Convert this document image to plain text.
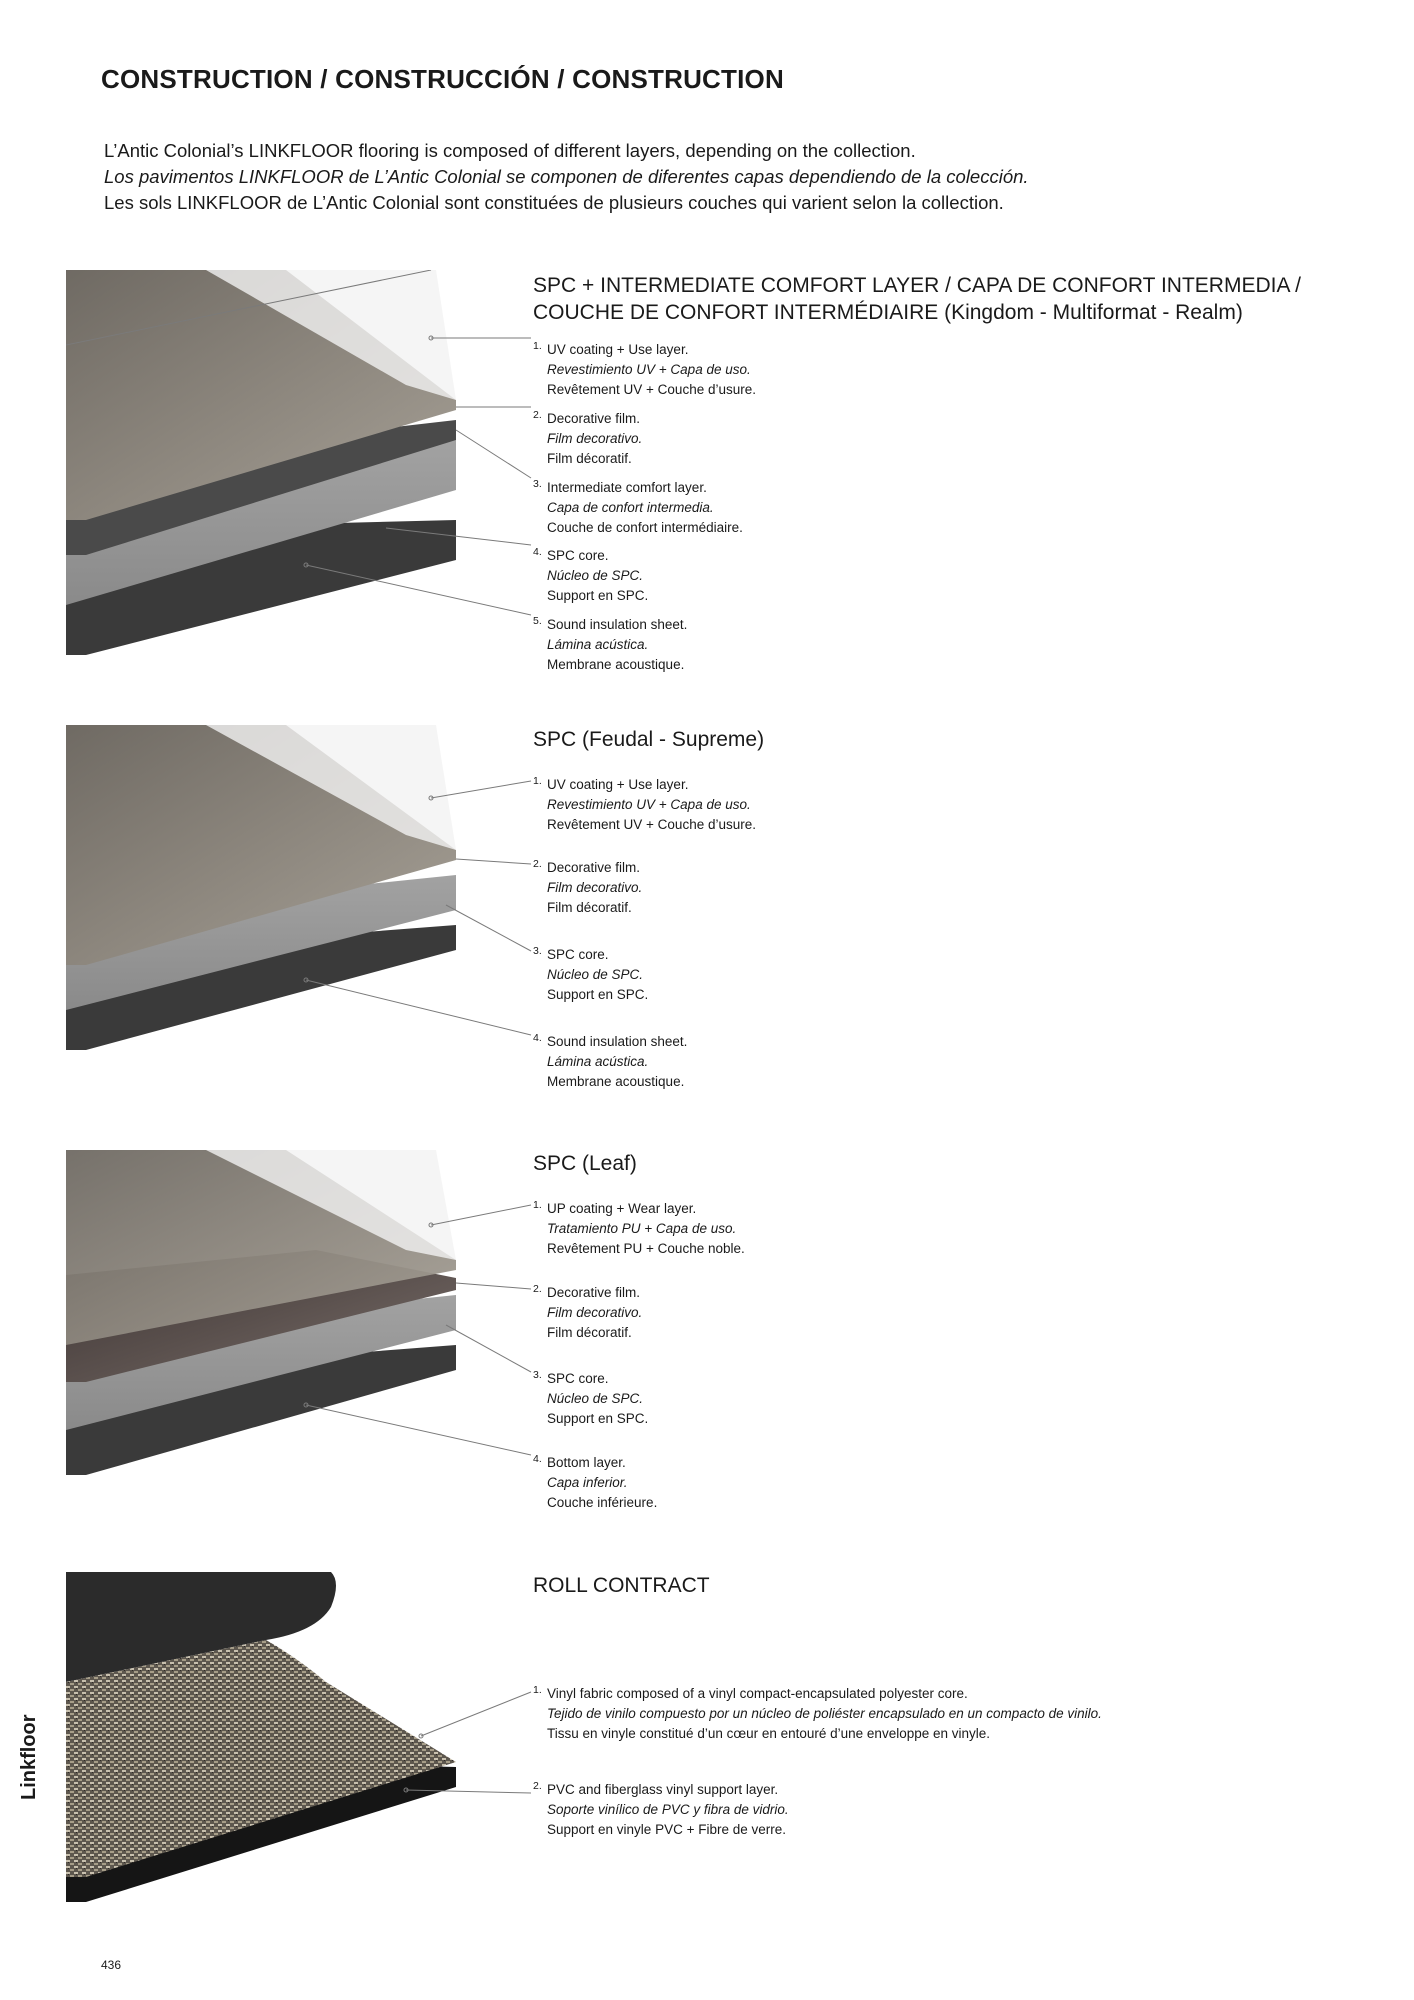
CONSTRUCTION / CONSTRUCCIÓN / CONSTRUCTION
L’Antic Colonial’s LINKFLOOR flooring is composed of different layers, depending on the collection.
Los pavimentos LINKFLOOR de L’Antic Colonial se componen de diferentes capas dependiendo de la colección.
Les sols LINKFLOOR de L’Antic Colonial sont constituées de plusieurs couches qui varient selon la collection.
SPC + INTERMEDIATE COMFORT LAYER / CAPA DE CONFORT INTERMEDIA /
COUCHE DE CONFORT INTERMÉDIAIRE (Kingdom - Multiformat - Realm)
1. UV coating + Use layer.
Revestimiento UV + Capa de uso.
Revêtement UV + Couche d’usure.
2. Decorative film.
Film decorativo.
Film décoratif.
3. Intermediate comfort layer.
Capa de confort intermedia.
Couche de confort intermédiaire.
4. SPC core.
Núcleo de SPC.
Support en SPC.
5. Sound insulation sheet.
Lámina acústica.
Membrane acoustique.
SPC (Feudal - Supreme)
1. UV coating + Use layer.
Revestimiento UV + Capa de uso.
Revêtement UV + Couche d’usure.
2. Decorative film.
Film decorativo.
Film décoratif.
3. SPC core.
Núcleo de SPC.
Support en SPC.
4. Sound insulation sheet.
Lámina acústica.
Membrane acoustique.
SPC (Leaf)
1. UP coating + Wear layer.
Tratamiento PU + Capa de uso.
Revêtement PU + Couche noble.
2. Decorative film.
Film decorativo.
Film décoratif.
3. SPC core.
Núcleo de SPC.
Support en SPC.
4. Bottom layer.
Capa inferior.
Couche inférieure.
ROLL CONTRACT
1. Vinyl fabric composed of a vinyl compact-encapsulated polyester core.
Tejido de vinilo compuesto por un núcleo de poliéster encapsulado en un compacto de vinilo.
Tissu en vinyle constitué d’un cœur en entouré d’une enveloppe en vinyle.
2. PVC and fiberglass vinyl support layer.
Soporte vinílico de PVC y fibra de vidrio.
Support en vinyle PVC + Fibre de verre.
Linkfloor
436
